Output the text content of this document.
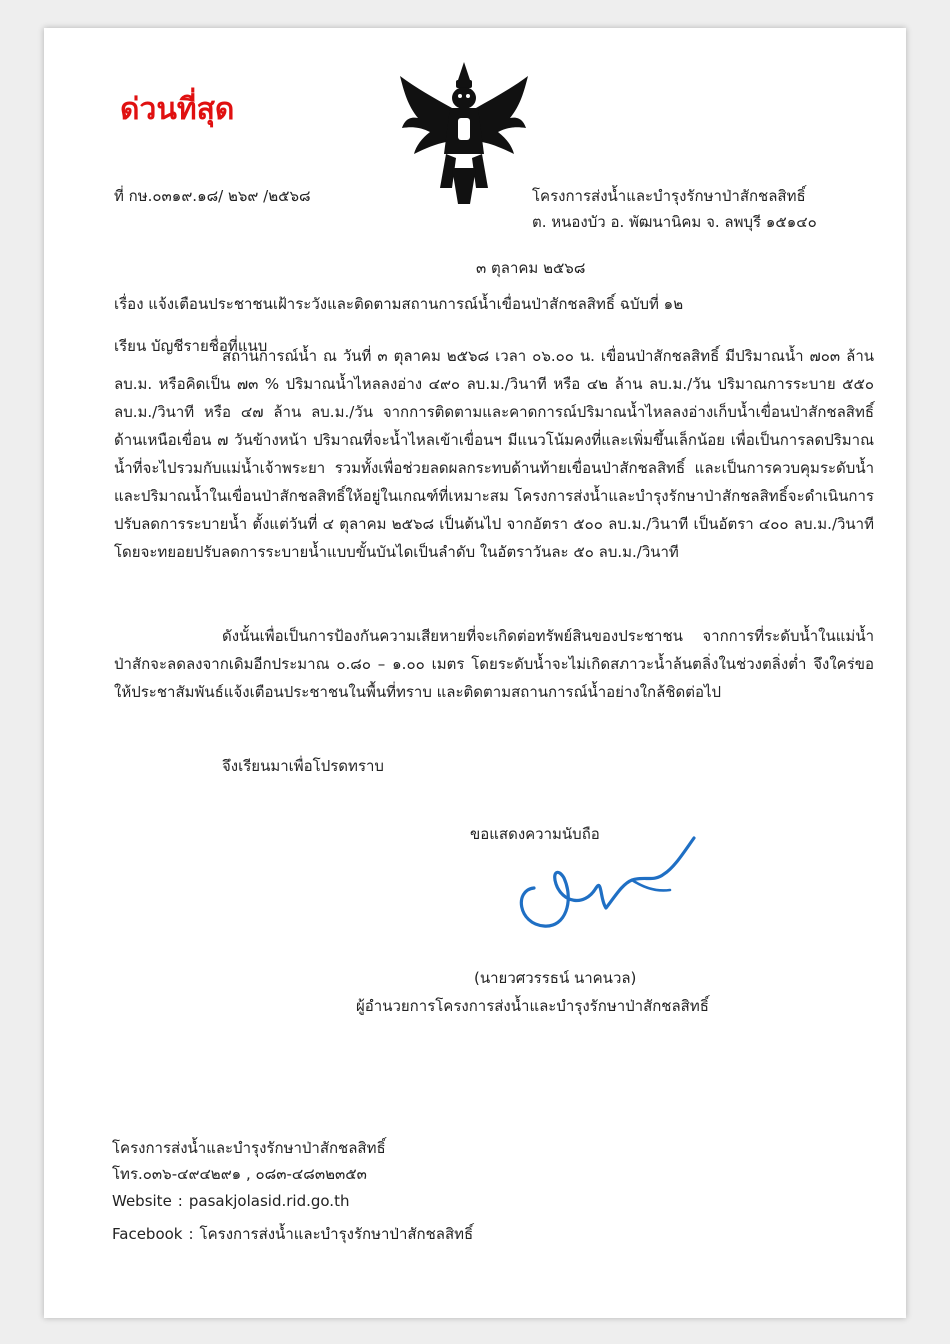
ด่วนที่สุด
ที่ กษ.๐๓๑๙.๑๘/ ๒๖๙ /๒๕๖๘	โครงการส่งน้ำและบำรุงรักษาป่าสักชลสิทธิ์
ต. หนองบัว อ. พัฒนานิคม จ. ลพบุรี ๑๕๑๔๐
๓ ตุลาคม ๒๕๖๘
เรื่อง แจ้งเตือนประชาชนเฝ้าระวังและติดตามสถานการณ์น้ำเขื่อนป่าสักชลสิทธิ์ ฉบับที่ ๑๒
เรียน บัญชีรายชื่อที่แนบ
สถานการณ์น้ำ ณ วันที่ ๓ ตุลาคม ๒๕๖๘ เวลา ๐๖.๐๐ น. เขื่อนป่าสักชลสิทธิ์ มีปริมาณน้ำ ๗๐๓ ล้าน ลบ.ม. หรือคิดเป็น ๗๓ % ปริมาณน้ำไหลลงอ่าง ๔๙๐ ลบ.ม./วินาที หรือ ๔๒ ล้าน ลบ.ม./วัน ปริมาณการระบาย ๕๕๐ ลบ.ม./วินาที หรือ ๔๗ ล้าน ลบ.ม./วัน จากการติดตามและคาดการณ์ปริมาณน้ำไหลลงอ่างเก็บน้ำเขื่อนป่าสักชลสิทธิ์ ด้านเหนือเขื่อน ๗ วันข้างหน้า ปริมาณที่จะน้ำไหลเข้าเขื่อนฯ มีแนวโน้มคงที่และเพิ่มขึ้นเล็กน้อย เพื่อเป็นการลดปริมาณน้ำที่จะไปรวมกับแม่น้ำเจ้าพระยา รวมทั้งเพื่อช่วยลดผลกระทบด้านท้ายเขื่อนป่าสักชลสิทธิ์ และเป็นการควบคุมระดับน้ำและปริมาณน้ำในเขื่อนป่าสักชลสิทธิ์ให้อยู่ในเกณฑ์ที่เหมาะสม โครงการส่งน้ำและบำรุงรักษาป่าสักชลสิทธิ์จะดำเนินการปรับลดการระบายน้ำ ตั้งแต่วันที่ ๔ ตุลาคม ๒๕๖๘ เป็นต้นไป จากอัตรา ๕๐๐ ลบ.ม./วินาที เป็นอัตรา ๔๐๐ ลบ.ม./วินาที โดยจะทยอยปรับลดการระบายน้ำแบบขั้นบันไดเป็นลำดับ ในอัตราวันละ ๕๐ ลบ.ม./วินาที
ดังนั้นเพื่อเป็นการป้องกันความเสียหายที่จะเกิดต่อทรัพย์สินของประชาชน จากการที่ระดับน้ำในแม่น้ำป่าสักจะลดลงจากเดิมอีกประมาณ ๐.๘๐ – ๑.๐๐ เมตร โดยระดับน้ำจะไม่เกิดสภาวะน้ำล้นตลิ่งในช่วงตลิ่งต่ำ จึงใคร่ขอให้ประชาสัมพันธ์แจ้งเตือนประชาชนในพื้นที่ทราบ และติดตามสถานการณ์น้ำอย่างใกล้ชิดต่อไป
จึงเรียนมาเพื่อโปรดทราบ
ขอแสดงความนับถือ
(นายวศวรรธน์ นาคนวล)
ผู้อำนวยการโครงการส่งน้ำและบำรุงรักษาป่าสักชลสิทธิ์
โครงการส่งน้ำและบำรุงรักษาป่าสักชลสิทธิ์
โทร.๐๓๖-๔๙๔๒๙๑ , ๐๘๓-๔๘๓๒๓๕๓
Website : pasakjolasid.rid.go.th
Facebook : โครงการส่งน้ำและบำรุงรักษาป่าสักชลสิทธิ์
